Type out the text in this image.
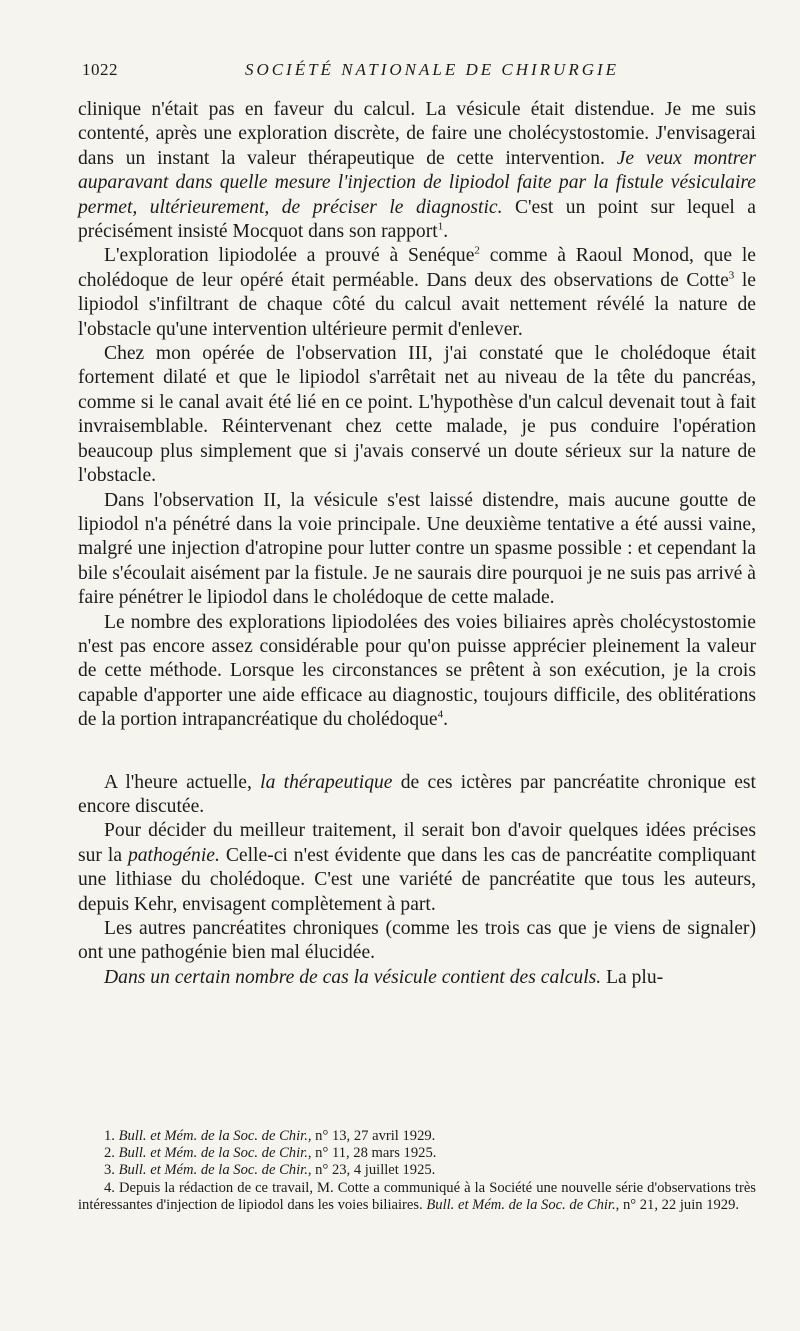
1022	SOCIÉTÉ NATIONALE DE CHIRURGIE

clinique n'était pas en faveur du calcul. La vésicule était distendue. Je me suis contenté, après une exploration discrète, de faire une cholécystostomie. J'envisagerai dans un instant la valeur thérapeutique de cette intervention. Je veux montrer auparavant dans quelle mesure l'injection de lipiodol faite par la fistule vésiculaire permet, ultérieurement, de préciser le diagnostic. C'est un point sur lequel a précisément insisté Mocquot dans son rapport$^1$.

L'exploration lipiodolée a prouvé à Senéque$^2$ comme à Raoul Monod, que le cholédoque de leur opéré était perméable. Dans deux des observations de Cotte$^3$ le lipiodol s'infiltrant de chaque côté du calcul avait nettement révélé la nature de l'obstacle qu'une intervention ultérieure permit d'enlever.

Chez mon opérée de l'observation III, j'ai constaté que le cholédoque était fortement dilaté et que le lipiodol s'arrêtait net au niveau de la tête du pancréas, comme si le canal avait été lié en ce point. L'hypothèse d'un calcul devenait tout à fait invraisemblable. Réintervenant chez cette malade, je pus conduire l'opération beaucoup plus simplement que si j'avais conservé un doute sérieux sur la nature de l'obstacle.

Dans l'observation II, la vésicule s'est laissé distendre, mais aucune goutte de lipiodol n'a pénétré dans la voie principale. Une deuxième tentative a été aussi vaine, malgré une injection d'atropine pour lutter contre un spasme possible : et cependant la bile s'écoulait aisément par la fistule. Je ne saurais dire pourquoi je ne suis pas arrivé à faire pénétrer le lipiodol dans le cholédoque de cette malade.

Le nombre des explorations lipiodolées des voies biliaires après cholécystostomie n'est pas encore assez considérable pour qu'on puisse apprécier pleinement la valeur de cette méthode. Lorsque les circonstances se prêtent à son exécution, je la crois capable d'apporter une aide efficace au diagnostic, toujours difficile, des oblitérations de la portion intrapancréatique du cholédoque$^4$.

A l'heure actuelle, la thérapeutique de ces ictères par pancréatite chronique est encore discutée.

Pour décider du meilleur traitement, il serait bon d'avoir quelques idées précises sur la pathogénie. Celle-ci n'est évidente que dans les cas de pancréatite compliquant une lithiase du cholédoque. C'est une variété de pancréatite que tous les auteurs, depuis Kehr, envisagent complètement à part.

Les autres pancréatites chroniques (comme les trois cas que je viens de signaler) ont une pathogénie bien mal élucidée.

Dans un certain nombre de cas la vésicule contient des calculs. La plu-

1. Bull. et Mém. de la Soc. de Chir., n° 13, 27 avril 1929.

2. Bull. et Mém. de la Soc. de Chir., n° 11, 28 mars 1925.

3. Bull. et Mém. de la Soc. de Chir., n° 23, 4 juillet 1925.

4. Depuis la rédaction de ce travail, M. Cotte a communiqué à la Société une nouvelle série d'observations très intéressantes d'injection de lipiodol dans les voies biliaires. Bull. et Mém. de la Soc. de Chir., n° 21, 22 juin 1929.
